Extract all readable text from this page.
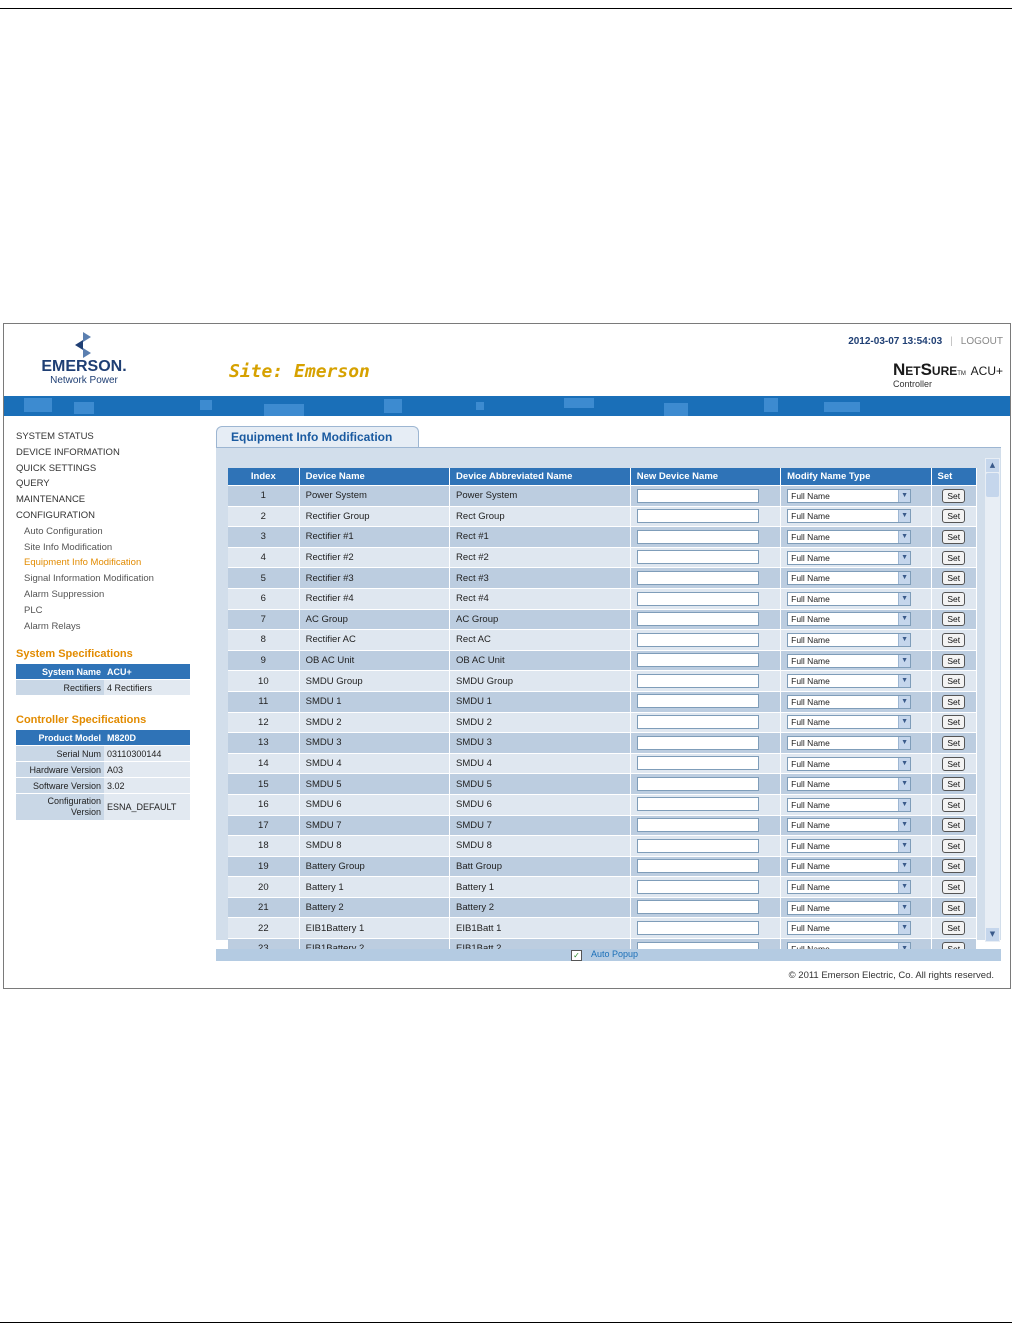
EMERSON.
Network Power	Site: Emerson
2012-03-07 13:54:03 | LOGOUT
NetSureTM ACU+
Controller
SYSTEM STATUS
DEVICE INFORMATION
QUICK SETTINGS
QUERY
MAINTENANCE
CONFIGURATION
Auto Configuration
Site Info Modification
Equipment Info Modification
Signal Information Modification
Alarm Suppression
PLC
Alarm Relays
System Specifications
System Name	ACU+
Rectifiers	4 Rectifiers
Controller Specifications
Product Model	M820D
Serial Num	03110300144
Hardware Version	A03
Software Version	3.02
Configuration
Version	ESNA_DEFAULT
Equipment Info Modification
Index	Device Name	Device Abbreviated Name	New Device Name	Modify Name Type	Set
1	Power System	Power System		Full Name ▼	Set
2	Rectifier Group	Rect Group		Full Name ▼	Set
3	Rectifier #1	Rect #1		Full Name ▼	Set
4	Rectifier #2	Rect #2		Full Name ▼	Set
5	Rectifier #3	Rect #3		Full Name ▼	Set
6	Rectifier #4	Rect #4		Full Name ▼	Set
7	AC Group	AC Group		Full Name ▼	Set
8	Rectifier AC	Rect AC		Full Name ▼	Set
9	OB AC Unit	OB AC Unit		Full Name ▼	Set
10	SMDU Group	SMDU Group		Full Name ▼	Set
11	SMDU 1	SMDU 1		Full Name ▼	Set
12	SMDU 2	SMDU 2		Full Name ▼	Set
13	SMDU 3	SMDU 3		Full Name ▼	Set
14	SMDU 4	SMDU 4		Full Name ▼	Set
15	SMDU 5	SMDU 5		Full Name ▼	Set
16	SMDU 6	SMDU 6		Full Name ▼	Set
17	SMDU 7	SMDU 7		Full Name ▼	Set
18	SMDU 8	SMDU 8		Full Name ▼	Set
19	Battery Group	Batt Group		Full Name ▼	Set
20	Battery 1	Battery 1		Full Name ▼	Set
21	Battery 2	Battery 2		Full Name ▼	Set
22	EIB1Battery 1	EIB1Batt 1		Full Name ▼	Set

▲
▼
✓ Auto Popup
© 2011 Emerson Electric, Co. All rights reserved.
